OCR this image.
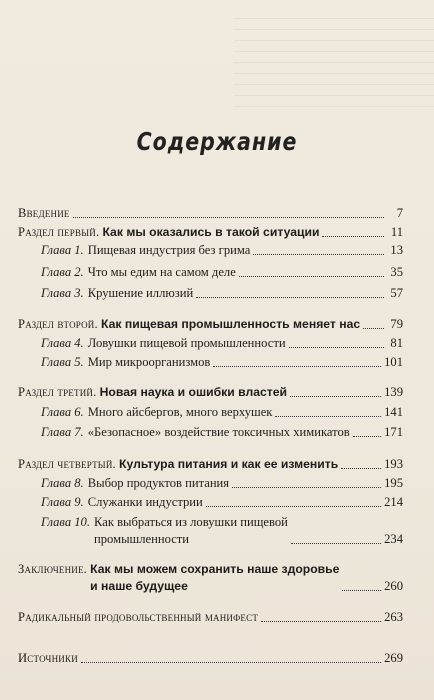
Содержание
Введение	7
Раздел первый.
Как мы оказались в такой ситуации	11
Глава 1. Пищевая индустрия без грима	13
Глава 2. Что мы едим на самом деле	35
Глава 3. Крушение иллюзий	57
Раздел второй.
Как пищевая промышленность меняет нас 79
Глава 4. Ловушки пищевой промышленности	81
Глава 5. Мир микроорганизмов	101
Раздел третий.
Новая наука и ошибки властей	139
Глава 6. Много айсбергов, много верхушек	141
Глава 7. «Безопасное» воздействие токсичных химикатов	171
Раздел четвертый.
Культура питания и как ее изменить	193
Глава 8. Выбор продуктов питания	195
Глава 9. Служанки индустрии	214
Глава 10. Как выбраться из ловушки пищевой
промышленности	234
Заключение.
Как мы можем сохранить наше здоровье
и наше будущее	260
Радикальный продовольственный манифест	263
Источники	269
